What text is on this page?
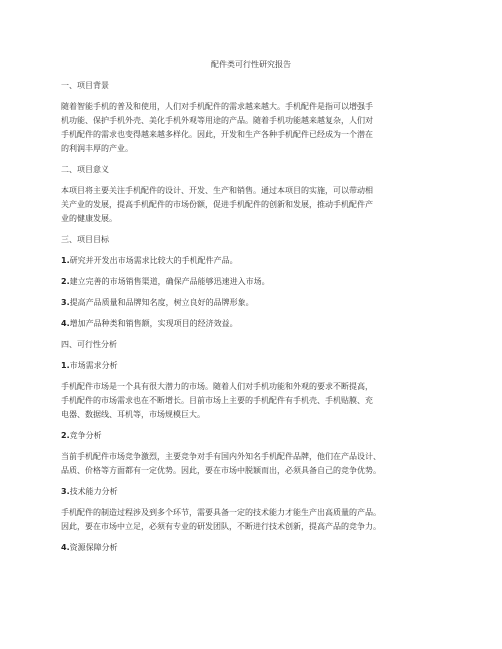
配件类可行性研究报告
一、项目背景
随着智能手机的普及和使用，人们对手机配件的需求越来越大。手机配件是指可以增强手
机功能、保护手机外壳、美化手机外观等用途的产品。随着手机功能越来越复杂，人们对
手机配件的需求也变得越来越多样化。因此，开发和生产各种手机配件已经成为一个潜在
的利润丰厚的产业。
二、项目意义
本项目将主要关注手机配件的设计、开发、生产和销售。通过本项目的实施，可以带动相
关产业的发展，提高手机配件的市场份额，促进手机配件的创新和发展，推动手机配件产
业的健康发展。
三、项目目标
1.研究并开发出市场需求比较大的手机配件产品。
2.建立完善的市场销售渠道，确保产品能够迅速进入市场。
3.提高产品质量和品牌知名度，树立良好的品牌形象。
4.增加产品种类和销售额，实现项目的经济效益。
四、可行性分析
1.市场需求分析
手机配件市场是一个具有很大潜力的市场。随着人们对手机功能和外观的要求不断提高，
手机配件的市场需求也在不断增长。目前市场上主要的手机配件有手机壳、手机贴膜、充
电器、数据线、耳机等，市场规模巨大。
2.竞争分析
当前手机配件市场竞争激烈，主要竞争对手有国内外知名手机配件品牌，他们在产品设计、
品质、价格等方面都有一定优势。因此，要在市场中脱颖而出，必须具备自己的竞争优势。
3.技术能力分析
手机配件的制造过程涉及到多个环节，需要具备一定的技术能力才能生产出高质量的产品。
因此，要在市场中立足，必须有专业的研发团队，不断进行技术创新，提高产品的竞争力。
4.资源保障分析
